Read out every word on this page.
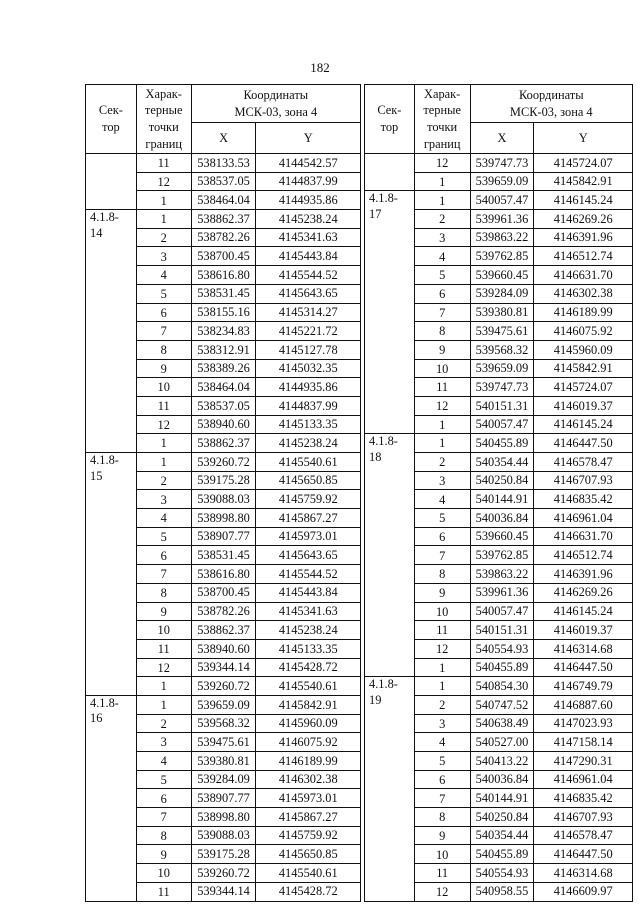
182
Сек-
тор	Харак-
терные
точки
границ	Координаты
МСК-03, зона 4	
		X	Y
	11	538133.53	4144542.57
	12	538537.05	4144837.99
	1	538464.04	4144935.86
4.1.8-
14	1	538862.37	4145238.24
	2	538782.26	4145341.63
	3	538700.45	4145443.84
	4	538616.80	4145544.52
	5	538531.45	4145643.65
	6	538155.16	4145314.27
	7	538234.83	4145221.72
	8	538312.91	4145127.78
	9	538389.26	4145032.35
	10	538464.04	4144935.86
	11	538537.05	4144837.99
	12	538940.60	4145133.35
	1	538862.37	4145238.24
4.1.8-
15	1	539260.72	4145540.61
	2	539175.28	4145650.85
	3	539088.03	4145759.92
	4	538998.80	4145867.27
	5	538907.77	4145973.01
	6	538531.45	4145643.65
	7	538616.80	4145544.52
	8	538700.45	4145443.84
	9	538782.26	4145341.63
	10	538862.37	4145238.24
	11	538940.60	4145133.35
	12	539344.14	4145428.72
	1	539260.72	4145540.61
4.1.8-
16	1	539659.09	4145842.91
	2	539568.32	4145960.09
	3	539475.61	4146075.92
	4	539380.81	4146189.99
	5	539284.09	4146302.38
	6	538907.77	4145973.01
	7	538998.80	4145867.27
	8	539088.03	4145759.92
	9	539175.28	4145650.85
	10	539260.72	4145540.61
	11	539344.14	4145428.72
Сек-
тор	Харак-
терные
точки
границ	Координаты
МСК-03, зона 4	
		X	Y
	12	539747.73	4145724.07
	1	539659.09	4145842.91
4.1.8-
17	1	540057.47	4146145.24
	2	539961.36	4146269.26
	3	539863.22	4146391.96
	4	539762.85	4146512.74
	5	539660.45	4146631.70
	6	539284.09	4146302.38
	7	539380.81	4146189.99
	8	539475.61	4146075.92
	9	539568.32	4145960.09
	10	539659.09	4145842.91
	11	539747.73	4145724.07
	12	540151.31	4146019.37
	1	540057.47	4146145.24
4.1.8-
18	1	540455.89	4146447.50
	2	540354.44	4146578.47
	3	540250.84	4146707.93
	4	540144.91	4146835.42
	5	540036.84	4146961.04
	6	539660.45	4146631.70
	7	539762.85	4146512.74
	8	539863.22	4146391.96
	9	539961.36	4146269.26
	10	540057.47	4146145.24
	11	540151.31	4146019.37
	12	540554.93	4146314.68
	1	540455.89	4146447.50
4.1.8-
19	1	540854.30	4146749.79
	2	540747.52	4146887.60
	3	540638.49	4147023.93
	4	540527.00	4147158.14
	5	540413.22	4147290.31
	6	540036.84	4146961.04
	7	540144.91	4146835.42
	8	540250.84	4146707.93
	9	540354.44	4146578.47
	10	540455.89	4146447.50
	11	540554.93	4146314.68
	12	540958.55	4146609.97
